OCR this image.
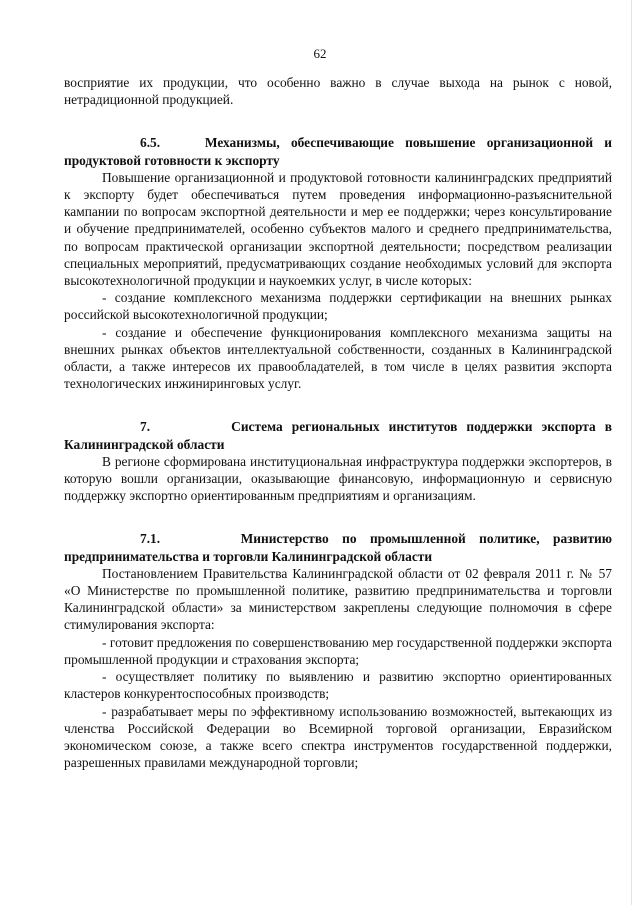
62

восприятие их продукции, что особенно важно в случае выхода на рынок с новой, нетрадиционной продукцией.

6.5.	Механизмы, обеспечивающие повышение организационной и продуктовой готовности к экспорту

Повышение организационной и продуктовой готовности калининградских предприятий к экспорту будет обеспечиваться путем проведения информационно-разъяснительной кампании по вопросам экспортной деятельности и мер ее поддержки; через консультирование и обучение предпринимателей, особенно субъектов малого и среднего предпринимательства, по вопросам практической организации экспортной деятельности; посредством реализации специальных мероприятий, предусматривающих создание необходимых условий для экспорта высокотехнологичной продукции и наукоемких услуг, в числе которых:

- создание комплексного механизма поддержки сертификации на внешних рынках российской высокотехнологичной продукции;

- создание и обеспечение функционирования комплексного механизма защиты на внешних рынках объектов интеллектуальной собственности, созданных в Калининградской области, а также интересов их правообладателей, в том числе в целях развития экспорта технологических инжиниринговых услуг.

7.	Система региональных институтов поддержки экспорта в Калининградской области

В регионе сформирована институциональная инфраструктура поддержки экспортеров, в которую вошли организации, оказывающие финансовую, информационную и сервисную поддержку экспортно ориентированным предприятиям и организациям.

7.1.	Министерство по промышленной политике, развитию предпринимательства и торговли Калининградской области

Постановлением Правительства Калининградской области от 02 февраля 2011 г. № 57 «О Министерстве по промышленной политике, развитию предпринимательства и торговли Калининградской области» за министерством закреплены следующие полномочия в сфере стимулирования экспорта:

- готовит предложения по совершенствованию мер государственной поддержки экспорта промышленной продукции и страхования экспорта;

- осуществляет политику по выявлению и развитию экспортно ориентированных кластеров конкурентоспособных производств;

- разрабатывает меры по эффективному использованию возможностей, вытекающих из членства Российской Федерации во Всемирной торговой организации, Евразийском экономическом союзе, а также всего спектра инструментов государственной поддержки, разрешенных правилами международной торговли;
